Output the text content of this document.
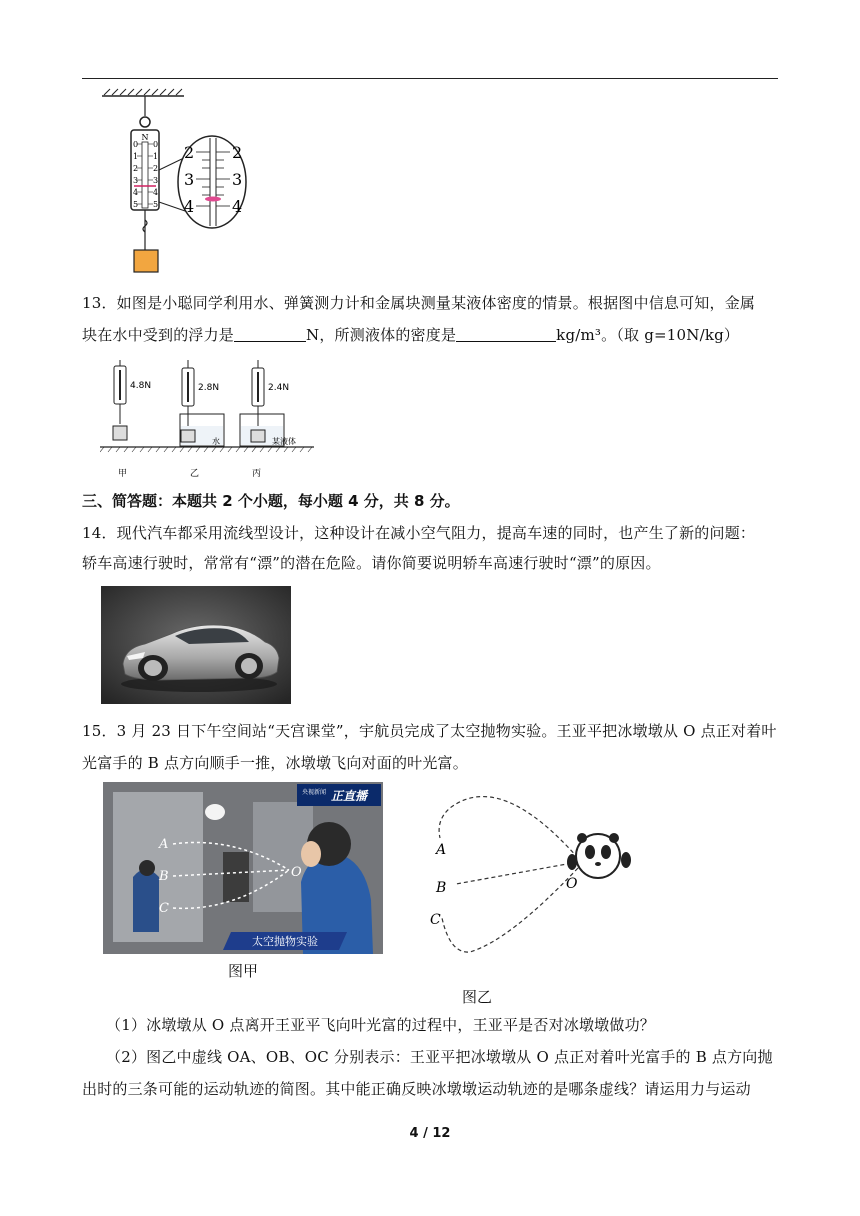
N
0 0
1 1
2 2
3 3
4 4
5 5
2 2
3 3
4 4
13．如图是小聪同学利用水、弹簧测力计和金属块测量某液体密度的情景。根据图中信息可知，金属
块在水中受到的浮力是	N，所测液体的密度是	kg/m³。（取 g=10N/kg）
4.8N	2.8N
水
2.4N
某液体
甲	乙	丙
三、简答题：本题共 2 个小题，每小题 4 分，共 8 分。
14．现代汽车都采用流线型设计，这种设计在减小空气阻力，提高车速的同时，也产生了新的问题：
轿车高速行驶时，常常有“漂”的潜在危险。请你简要说明轿车高速行驶时“漂”的原因。
15．3 月 23 日下午空间站“天宫课堂”，宇航员完成了太空抛物实验。王亚平把冰墩墩从 O 点正对着叶
光富手的 B 点方向顺手一推，冰墩墩飞向对面的叶光富。
A
B
C
O
央视新闻 正直播
太空抛物实验
图甲
A
B
C
O
图乙
（1）冰墩墩从 O 点离开王亚平飞向叶光富的过程中，王亚平是否对冰墩墩做功？
（2）图乙中虚线 OA、OB、OC 分别表示：王亚平把冰墩墩从 O 点正对着叶光富手的 B 点方向抛
出时的三条可能的运动轨迹的简图。其中能正确反映冰墩墩运动轨迹的是哪条虚线？请运用力与运动
4 / 12
